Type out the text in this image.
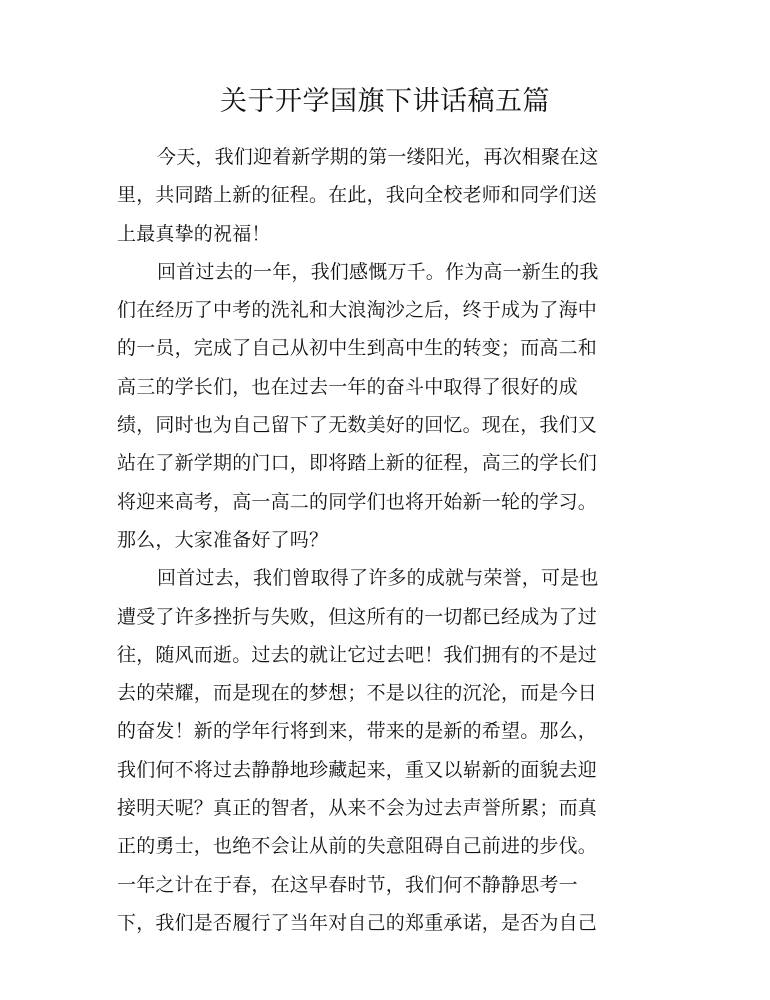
关于开学国旗下讲话稿五篇
今天，我们迎着新学期的第一缕阳光，再次相聚在这
里，共同踏上新的征程。在此，我向全校老师和同学们送
上最真挚的祝福！
回首过去的一年，我们感慨万千。作为高一新生的我
们在经历了中考的洗礼和大浪淘沙之后，终于成为了海中
的一员，完成了自己从初中生到高中生的转变；而高二和
高三的学长们，也在过去一年的奋斗中取得了很好的成
绩，同时也为自己留下了无数美好的回忆。现在，我们又
站在了新学期的门口，即将踏上新的征程，高三的学长们
将迎来高考，高一高二的同学们也将开始新一轮的学习。
那么，大家准备好了吗？
回首过去，我们曾取得了许多的成就与荣誉，可是也
遭受了许多挫折与失败，但这所有的一切都已经成为了过
往，随风而逝。过去的就让它过去吧！我们拥有的不是过
去的荣耀，而是现在的梦想；不是以往的沉沦，而是今日
的奋发！新的学年行将到来，带来的是新的希望。那么，
我们何不将过去静静地珍藏起来，重又以崭新的面貌去迎
接明天呢？真正的智者，从来不会为过去声誉所累；而真
正的勇士，也绝不会让从前的失意阻碍自己前进的步伐。
一年之计在于春，在这早春时节，我们何不静静思考一
下，我们是否履行了当年对自己的郑重承诺，是否为自己
